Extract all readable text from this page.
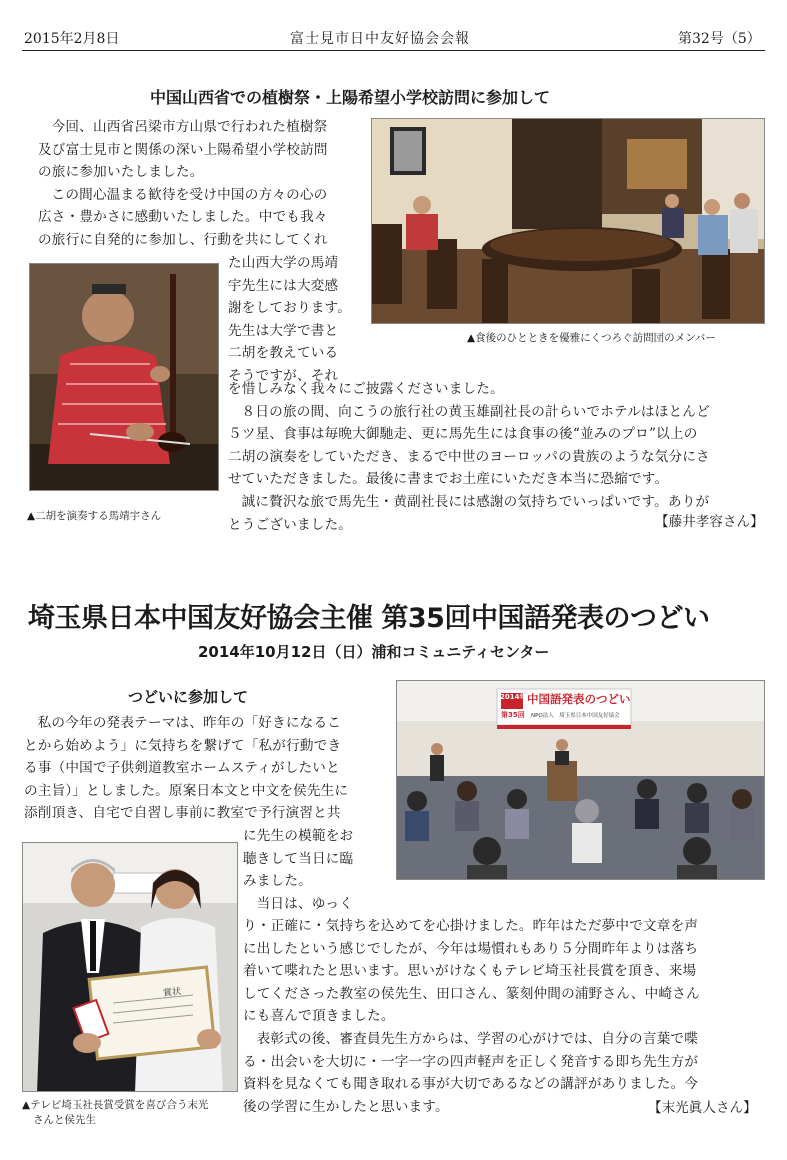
2015年2月8日	富士見市日中友好協会会報	第32号（5）
中国山西省での植樹祭・上陽希望小学校訪問に参加して
今回、山西省呂梁市方山県で行われた植樹祭
及び富士見市と関係の深い上陽希望小学校訪問
の旅に参加いたしました。
この間心温まる歓待を受け中国の方々の心の
広さ・豊かさに感動いたしました。中でも我々
の旅行に自発的に参加し、行動を共にしてくれ
た山西大学の馬靖
宇先生には大変感
謝をしております。
先生は大学で書と
二胡を教えている
そうですが、それ
を惜しみなく我々にご披露くださいました。
８日の旅の間、向こうの旅行社の黄玉雄副社長の計らいでホテルはほとんど
５ツ星、食事は毎晩大御馳走、更に馬先生には食事の後“並みのプロ”以上の
二胡の演奏をしていただき、まるで中世のヨーロッパの貴族のような気分にさ
せていただきました。最後に書までお土産にいただき本当に恐縮です。
誠に贅沢な旅で馬先生・黄副社長には感謝の気持ちでいっぱいです。ありが
とうございました。	【藤井孝容さん】
▲食後のひとときを優雅にくつろぐ訪問団のメンバー
▲二胡を演奏する馬靖宇さん
埼玉県日本中国友好協会主催 第35回中国語発表のつどい
2014年10月12日（日）浦和コミュニティセンター
つどいに参加して
私の今年の発表テーマは、昨年の「好きになるこ
とから始めよう」に気持ちを繋げて「私が行動でき
る事（中国で子供剣道教室ホームスティがしたいと
の主旨）」としました。原案日本文と中文を侯先生に
添削頂き、自宅で自習し事前に教室で予行演習と共
に先生の模範をお
聴きして当日に臨
みました。
当日は、ゆっく
り・正確に・気持ちを込めてを心掛けました。昨年はただ夢中で文章を声
に出したという感じでしたが、今年は場慣れもあり５分間昨年よりは落ち
着いて喋れたと思います。思いがけなくもテレビ埼玉社長賞を頂き、来場
してくださった教室の侯先生、田口さん、篆刻仲間の浦野さん、中崎さん
にも喜んで頂きました。
表彰式の後、審査員先生方からは、学習の心がけでは、自分の言葉で喋
る・出会いを大切に・一字一字の四声軽声を正しく発音する即ち先生方が
資料を見なくても聞き取れる事が大切であるなどの講評がありました。今
後の学習に生かしたと思います。	【末光眞人さん】
2014年 中国語発表のつどい
第35回 NPO法人　埼玉県日本中国友好協会
賞状
▲テレビ埼玉社長賞受賞を喜び合う末光
さんと侯先生
